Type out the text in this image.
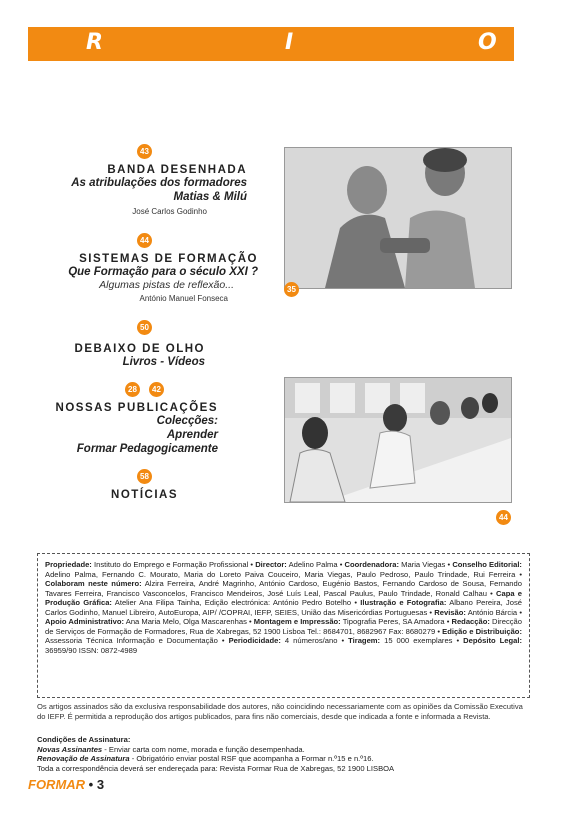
R	I	O
43
BANDA DESENHADA
As atribulações dos formadores
Matias & Milú
José Carlos Godinho
44
SISTEMAS DE FORMAÇÃO
Que Formação para o século XXI ?
Algumas pistas de reflexão...
António Manuel Fonseca
50
DEBAIXO DE OLHO
Livros - Vídeos
28	42
NOSSAS PUBLICAÇÕES
Colecções:
Aprender
Formar Pedagogicamente
58
NOTÍCIAS
35
44
Propriedade: Instituto do Emprego e Formação Profissional • Director: Adelino Palma • Coordenadora: Maria Viegas • Conselho Editorial: Adelino Palma, Fernando C. Mourato, Maria do Loreto Paiva Couceiro, Maria Viegas, Paulo Pedroso, Paulo Trindade, Rui Ferreira • Colaboram neste número: Alzira Ferreira, André Magrinho, António Cardoso, Eugénio Bastos, Fernando Cardoso de Sousa, Fernando Tavares Ferreira, Francisco Vasconcelos, Francisco Mendeiros, José Luís Leal, Pascal Paulus, Paulo Trindade, Ronald Calhau • Capa e Produção Gráfica: Atelier Ana Filipa Tainha, Edição electrónica: António Pedro Botelho • Ilustração e Fotografia: Albano Pereira, José Carlos Godinho, Manuel Libreiro, AutoEuropa, AIP/ /COPRAI, IEFP, SEIES, União das Misericórdias Portuguesas • Revisão: António Bárcia • Apoio Administrativo: Ana Maria Melo, Olga Mascarenhas • Montagem e Impressão: Tipografia Peres, SA Amadora • Redacção: Direcção de Serviços de Formação de Formadores, Rua de Xabregas, 52 1900 Lisboa Tel.: 8684701, 8682967 Fax: 8680279 • Edição e Distribuição: Assessoria Técnica Informação e Documentação • Periodicidade: 4 números/ano • Tiragem: 15 000 exemplares • Depósito Legal: 36959/90 ISSN: 0872-4989
Os artigos assinados são da exclusiva responsabilidade dos autores, não coincidindo necessariamente com as opiniões da Comissão Executiva do IEFP. É permitida a reprodução dos artigos publicados, para fins não comerciais, desde que indicada a fonte e informada a Revista.
Condições de Assinatura:
Novas Assinantes - Enviar carta com nome, morada e função desempenhada.
Renovação de Assinatura - Obrigatório enviar postal RSF que acompanha a Formar n.º15 e n.º16.
Toda a correspondência deverá ser endereçada para: Revista Formar Rua de Xabregas, 52 1900 LISBOA
FORMAR • 3
